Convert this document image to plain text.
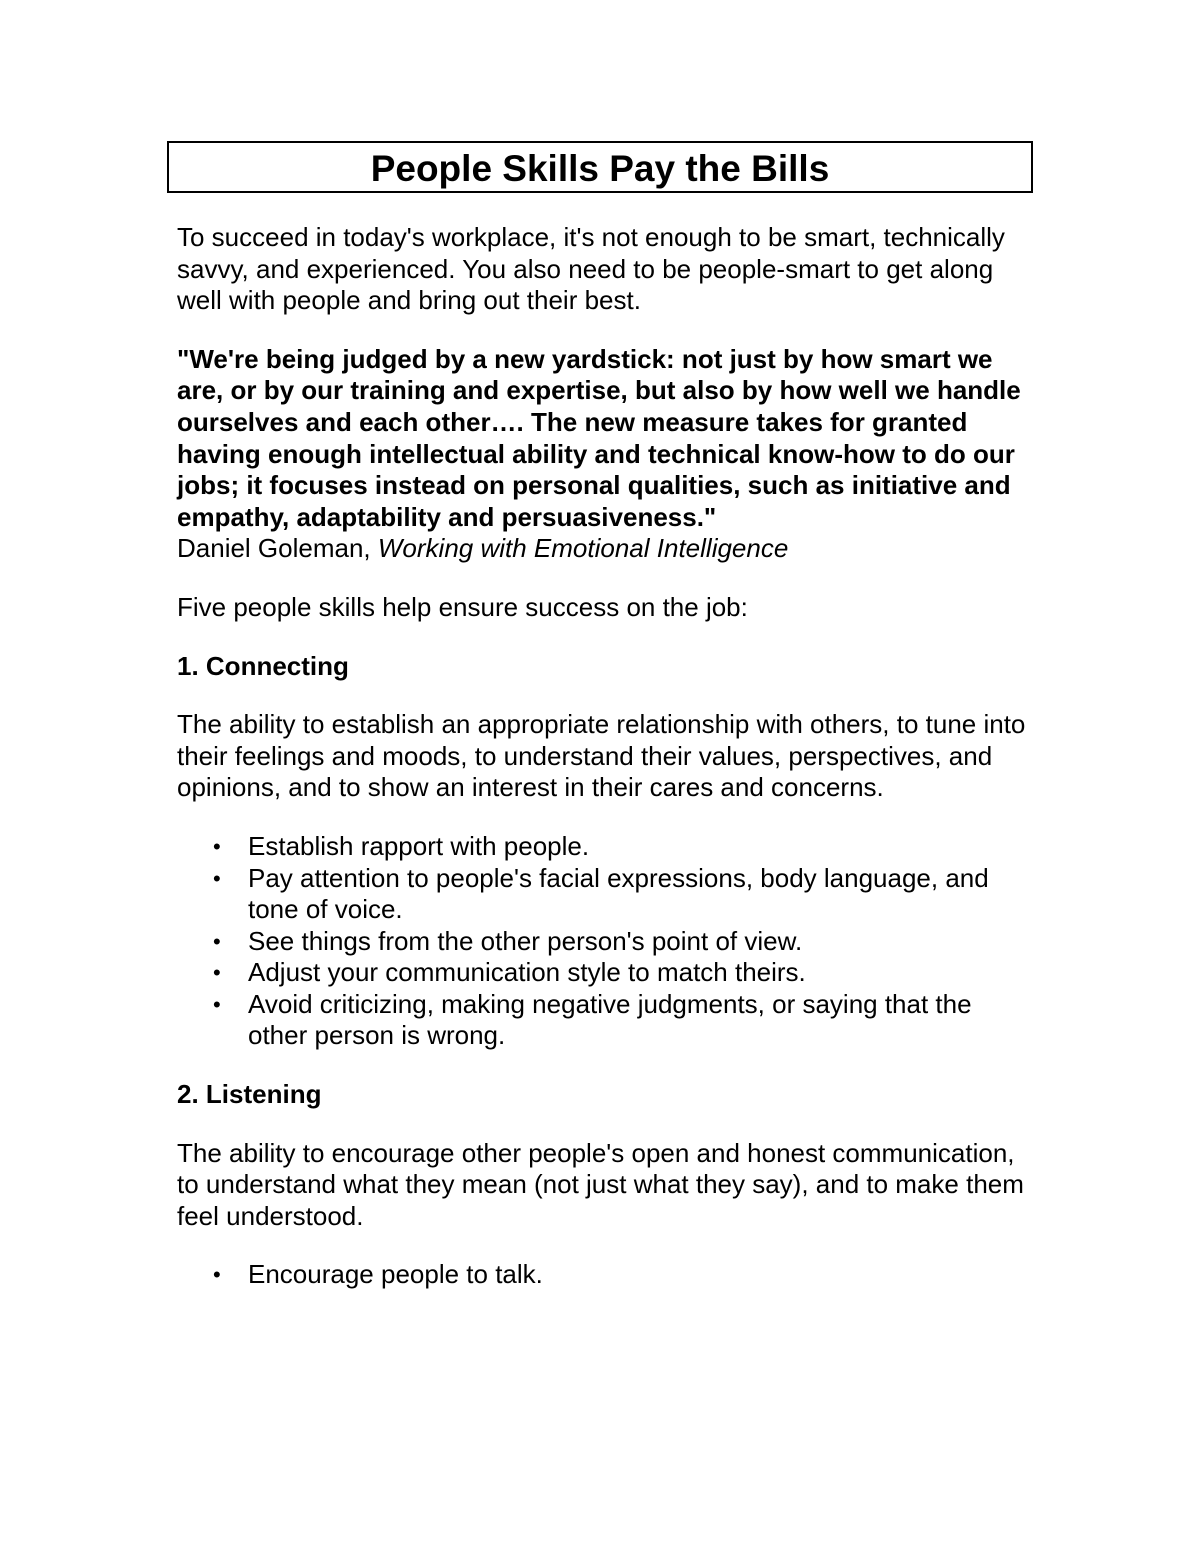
People Skills Pay the Bills

To succeed in today's workplace, it's not enough to be smart, technically savvy, and experienced. You also need to be people-smart to get along well with people and bring out their best.

"We're being judged by a new yardstick: not just by how smart we are, or by our training and expertise, but also by how well we handle ourselves and each other…. The new measure takes for granted having enough intellectual ability and technical know-how to do our jobs; it focuses instead on personal qualities, such as initiative and empathy, adaptability and persuasiveness."

Daniel Goleman, Working with Emotional Intelligence

Five people skills help ensure success on the job:

1. Connecting

The ability to establish an appropriate relationship with others, to tune into their feelings and moods, to understand their values, perspectives, and opinions, and to show an interest in their cares and concerns.

• Establish rapport with people.
• Pay attention to people's facial expressions, body language, and tone of voice.
• See things from the other person's point of view.
• Adjust your communication style to match theirs.
• Avoid criticizing, making negative judgments, or saying that the other person is wrong.

2. Listening

The ability to encourage other people's open and honest communication, to understand what they mean (not just what they say), and to make them feel understood.

• Encourage people to talk.
